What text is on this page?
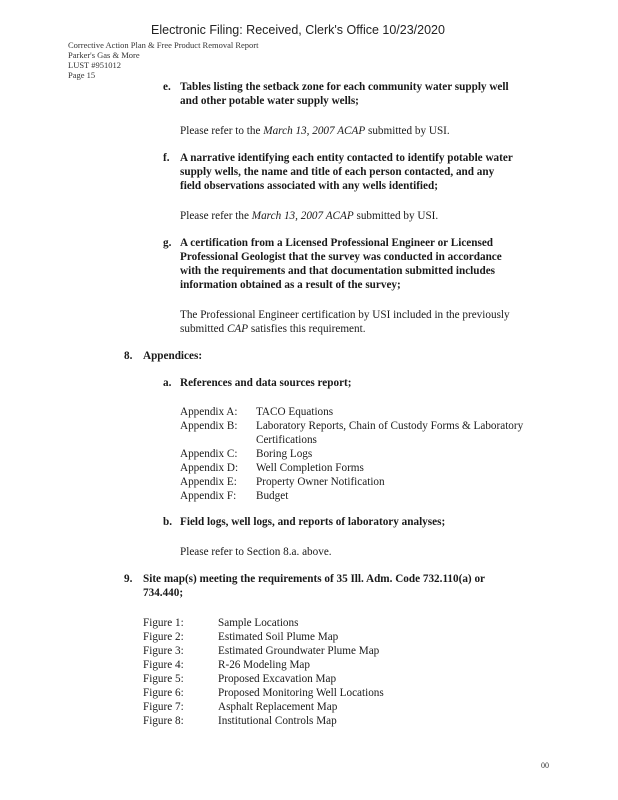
Electronic Filing: Received, Clerk's Office 10/23/2020
Corrective Action Plan & Free Product Removal Report
Parker's Gas & More
LUST #951012
Page 15
e. Tables listing the setback zone for each community water supply well
and other potable water supply wells;
Please refer to the March 13, 2007 ACAP submitted by USI.
f. A narrative identifying each entity contacted to identify potable water
supply wells, the name and title of each person contacted, and any
field observations associated with any wells identified;
Please refer the March 13, 2007 ACAP submitted by USI.
g. A certification from a Licensed Professional Engineer or Licensed
Professional Geologist that the survey was conducted in accordance
with the requirements and that documentation submitted includes
information obtained as a result of the survey;
The Professional Engineer certification by USI included in the previously
submitted CAP satisfies this requirement.
8. Appendices:
a. References and data sources report;
Appendix A: TACO Equations
Appendix B: Laboratory Reports, Chain of Custody Forms & Laboratory
Certifications
Appendix C: Boring Logs
Appendix D: Well Completion Forms
Appendix E: Property Owner Notification
Appendix F: Budget
b. Field logs, well logs, and reports of laboratory analyses;
Please refer to Section 8.a. above.
9. Site map(s) meeting the requirements of 35 Ill. Adm. Code 732.110(a) or
734.440;
Figure 1:	Sample Locations
Figure 2:	Estimated Soil Plume Map
Figure 3:	Estimated Groundwater Plume Map
Figure 4:	R-26 Modeling Map
Figure 5:	Proposed Excavation Map
Figure 6:	Proposed Monitoring Well Locations
Figure 7:	Asphalt Replacement Map
Figure 8:	Institutional Controls Map
00
